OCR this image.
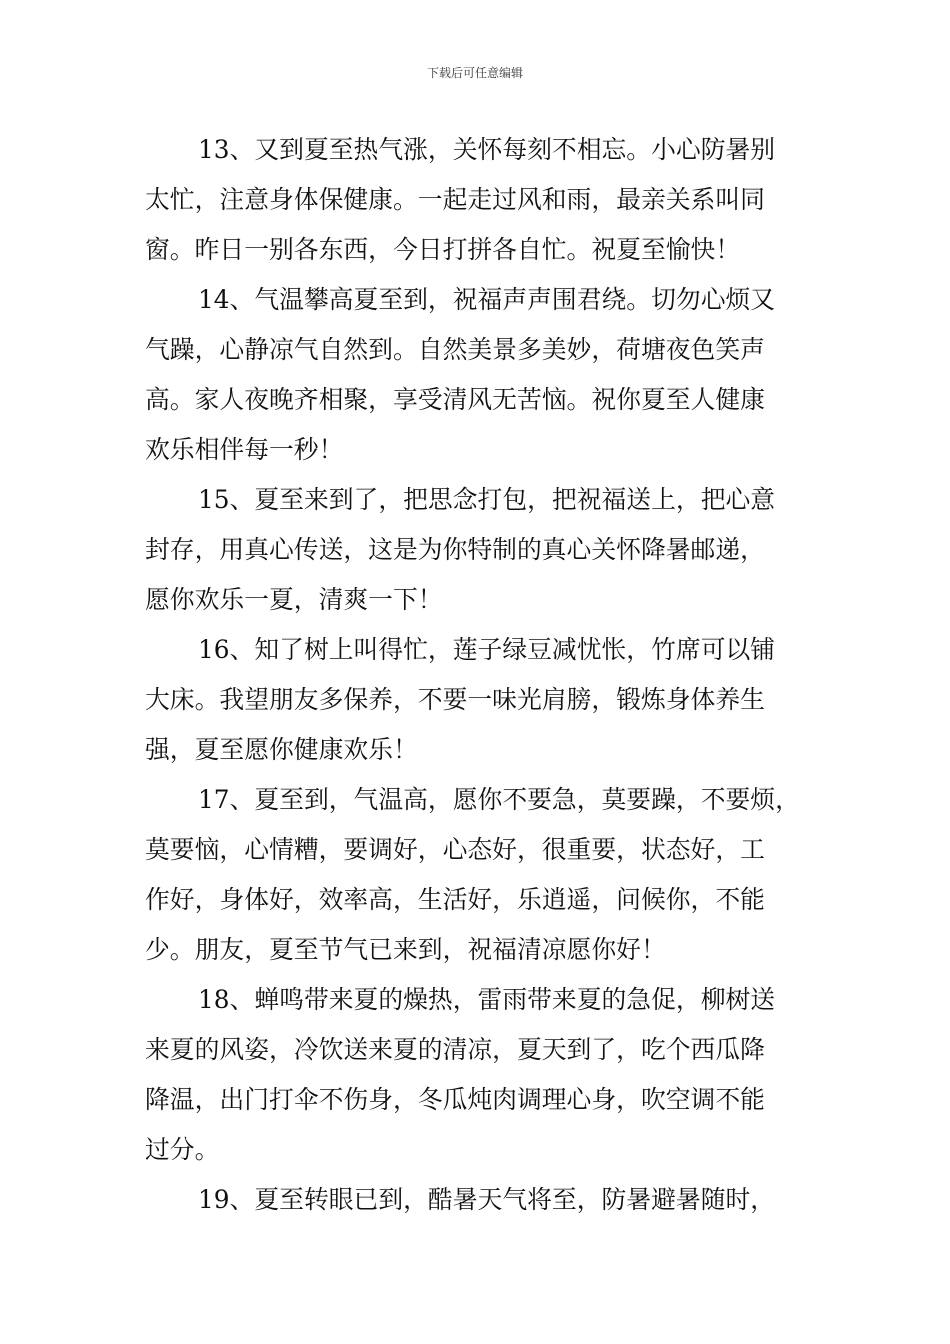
下载后可任意编辑

13、又到夏至热气涨，关怀每刻不相忘。小心防暑别
太忙，注意身体保健康。一起走过风和雨，最亲关系叫同
窗。昨日一别各东西，今日打拼各自忙。祝夏至愉快！

14、气温攀高夏至到，祝福声声围君绕。切勿心烦又
气躁，心静凉气自然到。自然美景多美妙，荷塘夜色笑声
高。家人夜晚齐相聚，享受清风无苦恼。祝你夏至人健康
欢乐相伴每一秒！

15、夏至来到了，把思念打包，把祝福送上，把心意
封存，用真心传送，这是为你特制的真心关怀降暑邮递，
愿你欢乐一夏，清爽一下！

16、知了树上叫得忙，莲子绿豆减忧怅，竹席可以铺
大床。我望朋友多保养，不要一味光肩膀，锻炼身体养生
强，夏至愿你健康欢乐！

17、夏至到，气温高，愿你不要急，莫要躁，不要烦，
莫要恼，心情糟，要调好，心态好，很重要，状态好，工
作好，身体好，效率高，生活好，乐逍遥，问候你，不能
少。朋友，夏至节气已来到，祝福清凉愿你好！

18、蝉鸣带来夏的燥热，雷雨带来夏的急促，柳树送
来夏的风姿，冷饮送来夏的清凉，夏天到了，吃个西瓜降
降温，出门打伞不伤身，冬瓜炖肉调理心身，吹空调不能
过分。

19、夏至转眼已到，酷暑天气将至，防暑避暑随时，
